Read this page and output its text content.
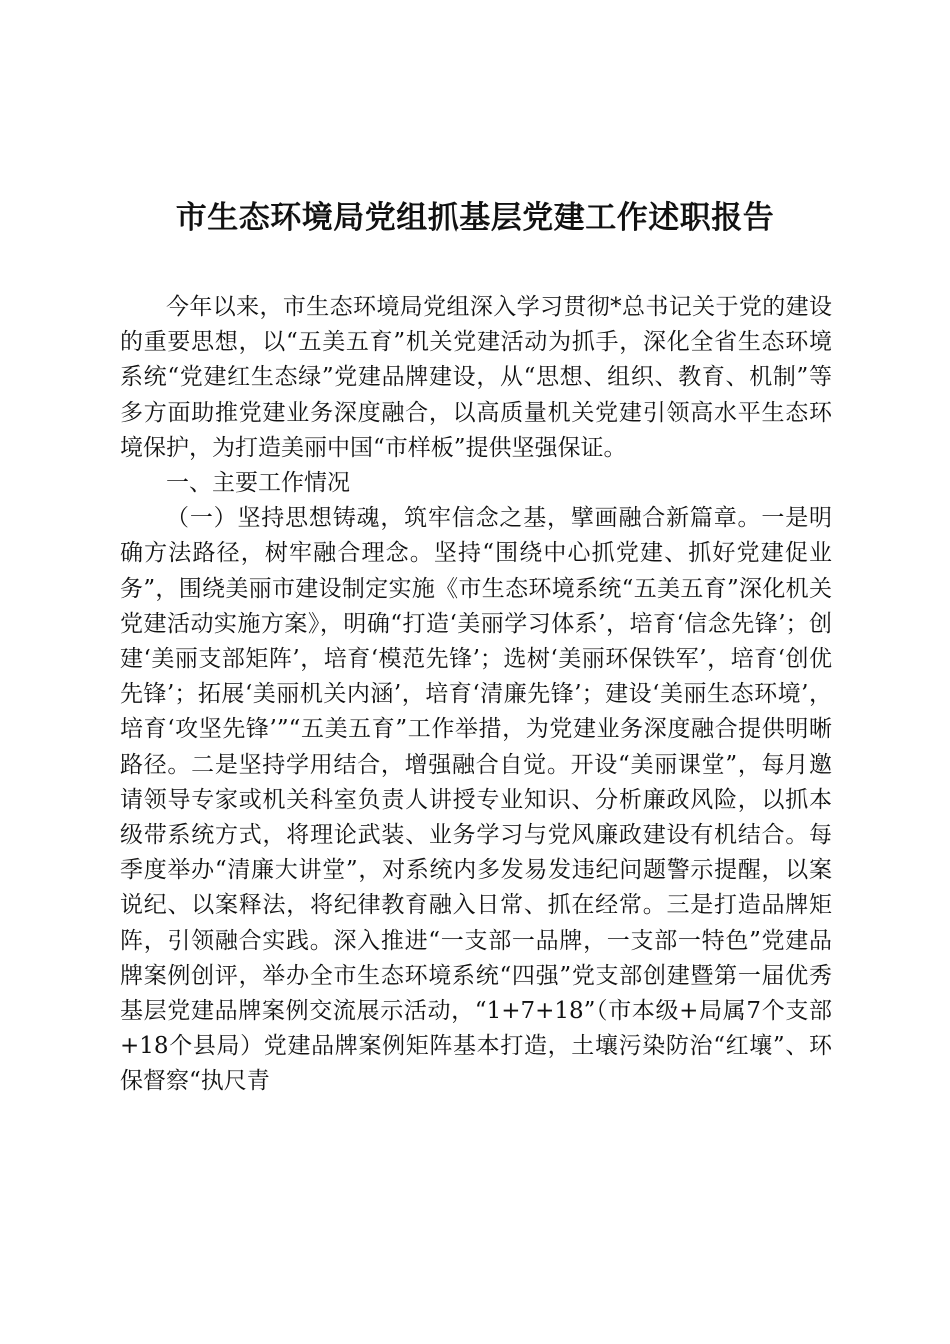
市生态环境局党组抓基层党建工作述职报告

今年以来，市生态环境局党组深入学习贯彻*总书记关于党的建设的重要思想，以“五美五育”机关党建活动为抓手，深化全省生态环境系统“党建红生态绿”党建品牌建设，从“思想、组织、教育、机制”等多方面助推党建业务深度融合，以高质量机关党建引领高水平生态环境保护，为打造美丽中国“市样板”提供坚强保证。

一、主要工作情况

（一）坚持思想铸魂，筑牢信念之基，擘画融合新篇章。一是明确方法路径，树牢融合理念。坚持“围绕中心抓党建、抓好党建促业务”，围绕美丽市建设制定实施《市生态环境系统“五美五育”深化机关党建活动实施方案》，明确“打造‘美丽学习体系’，培育‘信念先锋’；创建‘美丽支部矩阵’，培育‘模范先锋’；选树‘美丽环保铁军’，培育‘创优先锋’；拓展‘美丽机关内涵’，培育‘清廉先锋’；建设‘美丽生态环境’，培育‘攻坚先锋’”“五美五育”工作举措，为党建业务深度融合提供明晰路径。二是坚持学用结合，增强融合自觉。开设“美丽课堂”，每月邀请领导专家或机关科室负责人讲授专业知识、分析廉政风险，以抓本级带系统方式，将理论武装、业务学习与党风廉政建设有机结合。每季度举办“清廉大讲堂”，对系统内多发易发违纪问题警示提醒，以案说纪、以案释法，将纪律教育融入日常、抓在经常。三是打造品牌矩阵，引领融合实践。深入推进“一支部一品牌，一支部一特色”党建品牌案例创评，举办全市生态环境系统“四强”党支部创建暨第一届优秀基层党建品牌案例交流展示活动，“1+7+18”（市本级+局属7个支部+18个县局）党建品牌案例矩阵基本打造，土壤污染防治“红壤”、环保督察“执尺青
